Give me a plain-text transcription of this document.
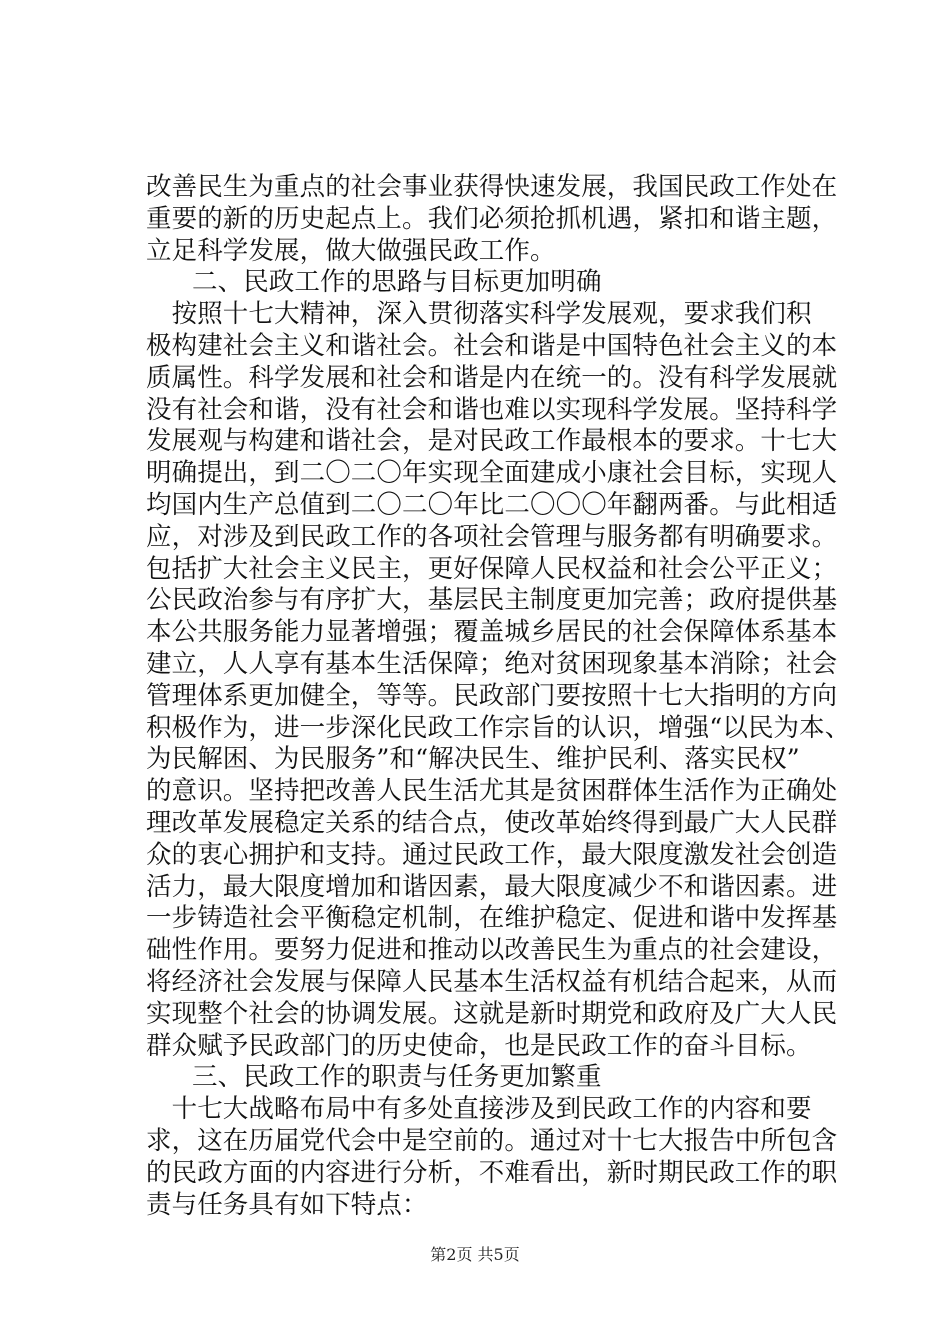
改善民生为重点的社会事业获得快速发展，我国民政工作处在
重要的新的历史起点上。我们必须抢抓机遇，紧扣和谐主题，
立足科学发展，做大做强民政工作。
二、民政工作的思路与目标更加明确
　按照十七大精神，深入贯彻落实科学发展观，要求我们积
极构建社会主义和谐社会。社会和谐是中国特色社会主义的本
质属性。科学发展和社会和谐是内在统一的。没有科学发展就
没有社会和谐，没有社会和谐也难以实现科学发展。坚持科学
发展观与构建和谐社会，是对民政工作最根本的要求。十七大
明确提出，到二〇二〇年实现全面建成小康社会目标，实现人
均国内生产总值到二〇二〇年比二〇〇〇年翻两番。与此相适
应，对涉及到民政工作的各项社会管理与服务都有明确要求。
包括扩大社会主义民主，更好保障人民权益和社会公平正义；
公民政治参与有序扩大，基层民主制度更加完善；政府提供基
本公共服务能力显著增强；覆盖城乡居民的社会保障体系基本
建立，人人享有基本生活保障；绝对贫困现象基本消除；社会
管理体系更加健全，等等。民政部门要按照十七大指明的方向
积极作为，进一步深化民政工作宗旨的认识，增强“以民为本、
为民解困、为民服务”和“解决民生、维护民利、落实民权”
的意识。坚持把改善人民生活尤其是贫困群体生活作为正确处
理改革发展稳定关系的结合点，使改革始终得到最广大人民群
众的衷心拥护和支持。通过民政工作，最大限度激发社会创造
活力，最大限度增加和谐因素，最大限度减少不和谐因素。进
一步铸造社会平衡稳定机制，在维护稳定、促进和谐中发挥基
础性作用。要努力促进和推动以改善民生为重点的社会建设，
将经济社会发展与保障人民基本生活权益有机结合起来，从而
实现整个社会的协调发展。这就是新时期党和政府及广大人民
群众赋予民政部门的历史使命，也是民政工作的奋斗目标。
三、民政工作的职责与任务更加繁重
　十七大战略布局中有多处直接涉及到民政工作的内容和要
求，这在历届党代会中是空前的。通过对十七大报告中所包含
的民政方面的内容进行分析，不难看出，新时期民政工作的职
责与任务具有如下特点：
第2页 共5页
